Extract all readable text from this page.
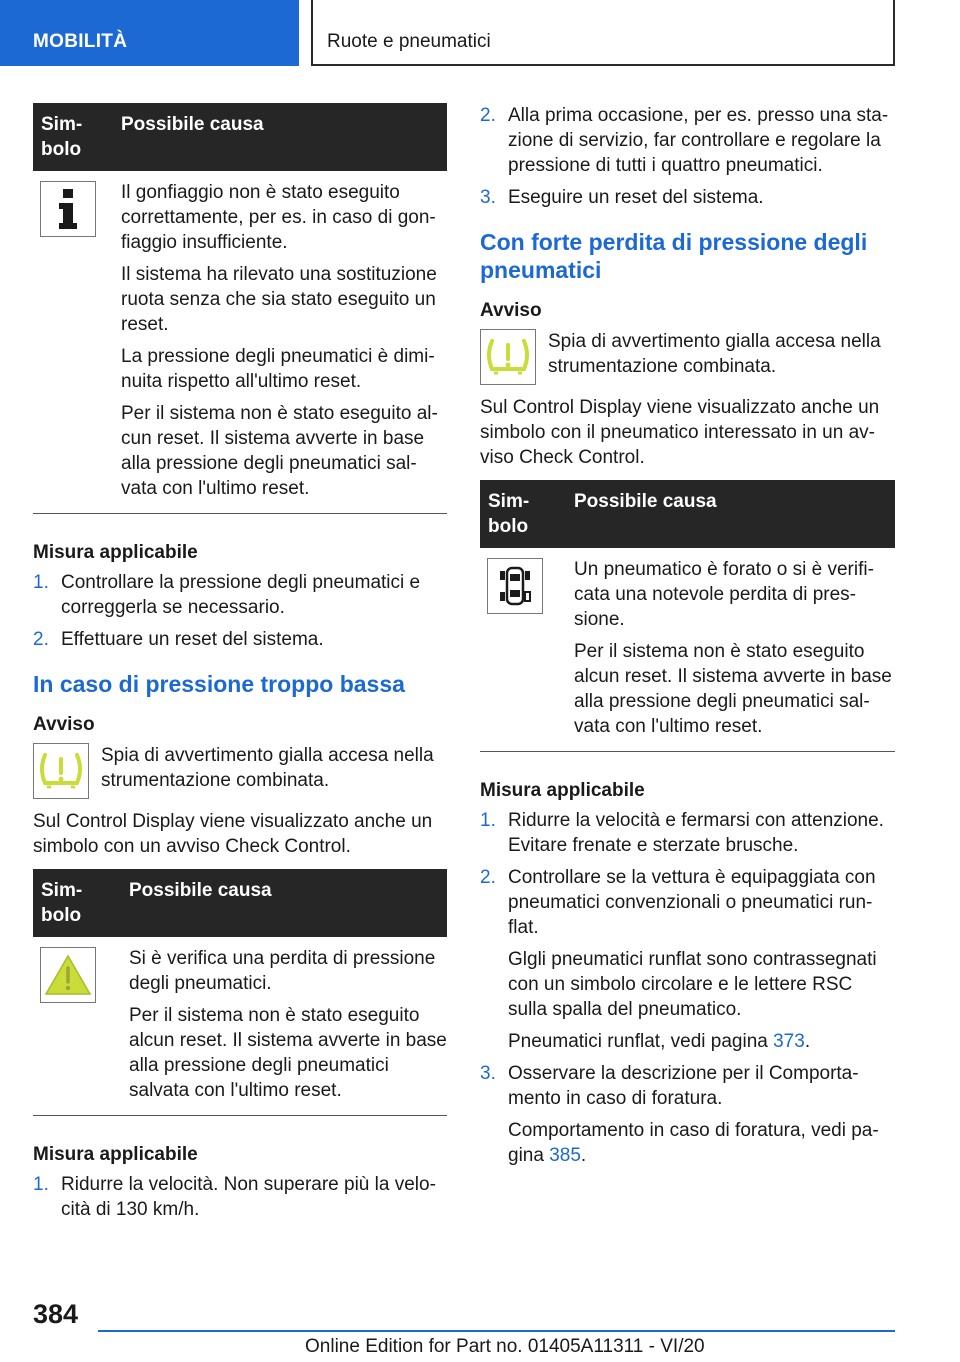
MOBILITÀ	Ruote e pneumatici
Sim-
bolo	Possibile causa

Il gonfiaggio non è stato eseguito correttamente, per es. in caso di gon-fiaggio insufficiente.

Il sistema ha rilevato una sostituzione ruota senza che sia stato eseguito un reset.

La pressione degli pneumatici è dimi-nuita rispetto all'ultimo reset.

Per il sistema non è stato eseguito al-cun reset. Il sistema avverte in base alla pressione degli pneumatici sal-vata con l'ultimo reset.

Misura applicabile
1. Controllare la pressione degli pneumatici e correggerla se necessario.
2. Effettuare un reset del sistema.
In caso di pressione troppo bassa
Avviso
Spia di avvertimento gialla accesa nella strumentazione combinata.

Sul Control Display viene visualizzato anche un simbolo con un avviso Check Control.

Sim-
bolo	Possibile causa

Si è verifica una perdita di pressione degli pneumatici.

Per il sistema non è stato eseguito alcun reset. Il sistema avverte in base alla pressione degli pneumatici salvata con l'ultimo reset.

Misura applicabile
1. Ridurre la velocità. Non superare più la velo-cità di 130 km/h.
2. Alla prima occasione, per es. presso una sta-zione di servizio, far controllare e regolare la pressione di tutti i quattro pneumatici.
3. Eseguire un reset del sistema.
Con forte perdita di pressione degli pneumatici
Avviso
Spia di avvertimento gialla accesa nella strumentazione combinata.

Sul Control Display viene visualizzato anche un simbolo con il pneumatico interessato in un av-viso Check Control.

Sim-
bolo	Possibile causa

Un pneumatico è forato o si è verifi-cata una notevole perdita di pres-sione.

Per il sistema non è stato eseguito alcun reset. Il sistema avverte in base alla pressione degli pneumatici sal-vata con l'ultimo reset.

Misura applicabile
1. Ridurre la velocità e fermarsi con attenzione. Evitare frenate e sterzate brusche.
2. Controllare se la vettura è equipaggiata con pneumatici convenzionali o pneumatici run-flat.

Glgli pneumatici runflat sono contrassegnati con un simbolo circolare e le lettere RSC sulla spalla del pneumatico.

Pneumatici runflat, vedi pagina 373.

3. Osservare la descrizione per il Comporta-mento in caso di foratura.

Comportamento in caso di foratura, vedi pa-gina 385.

384
Online Edition for Part no. 01405A11311 - VI/20
